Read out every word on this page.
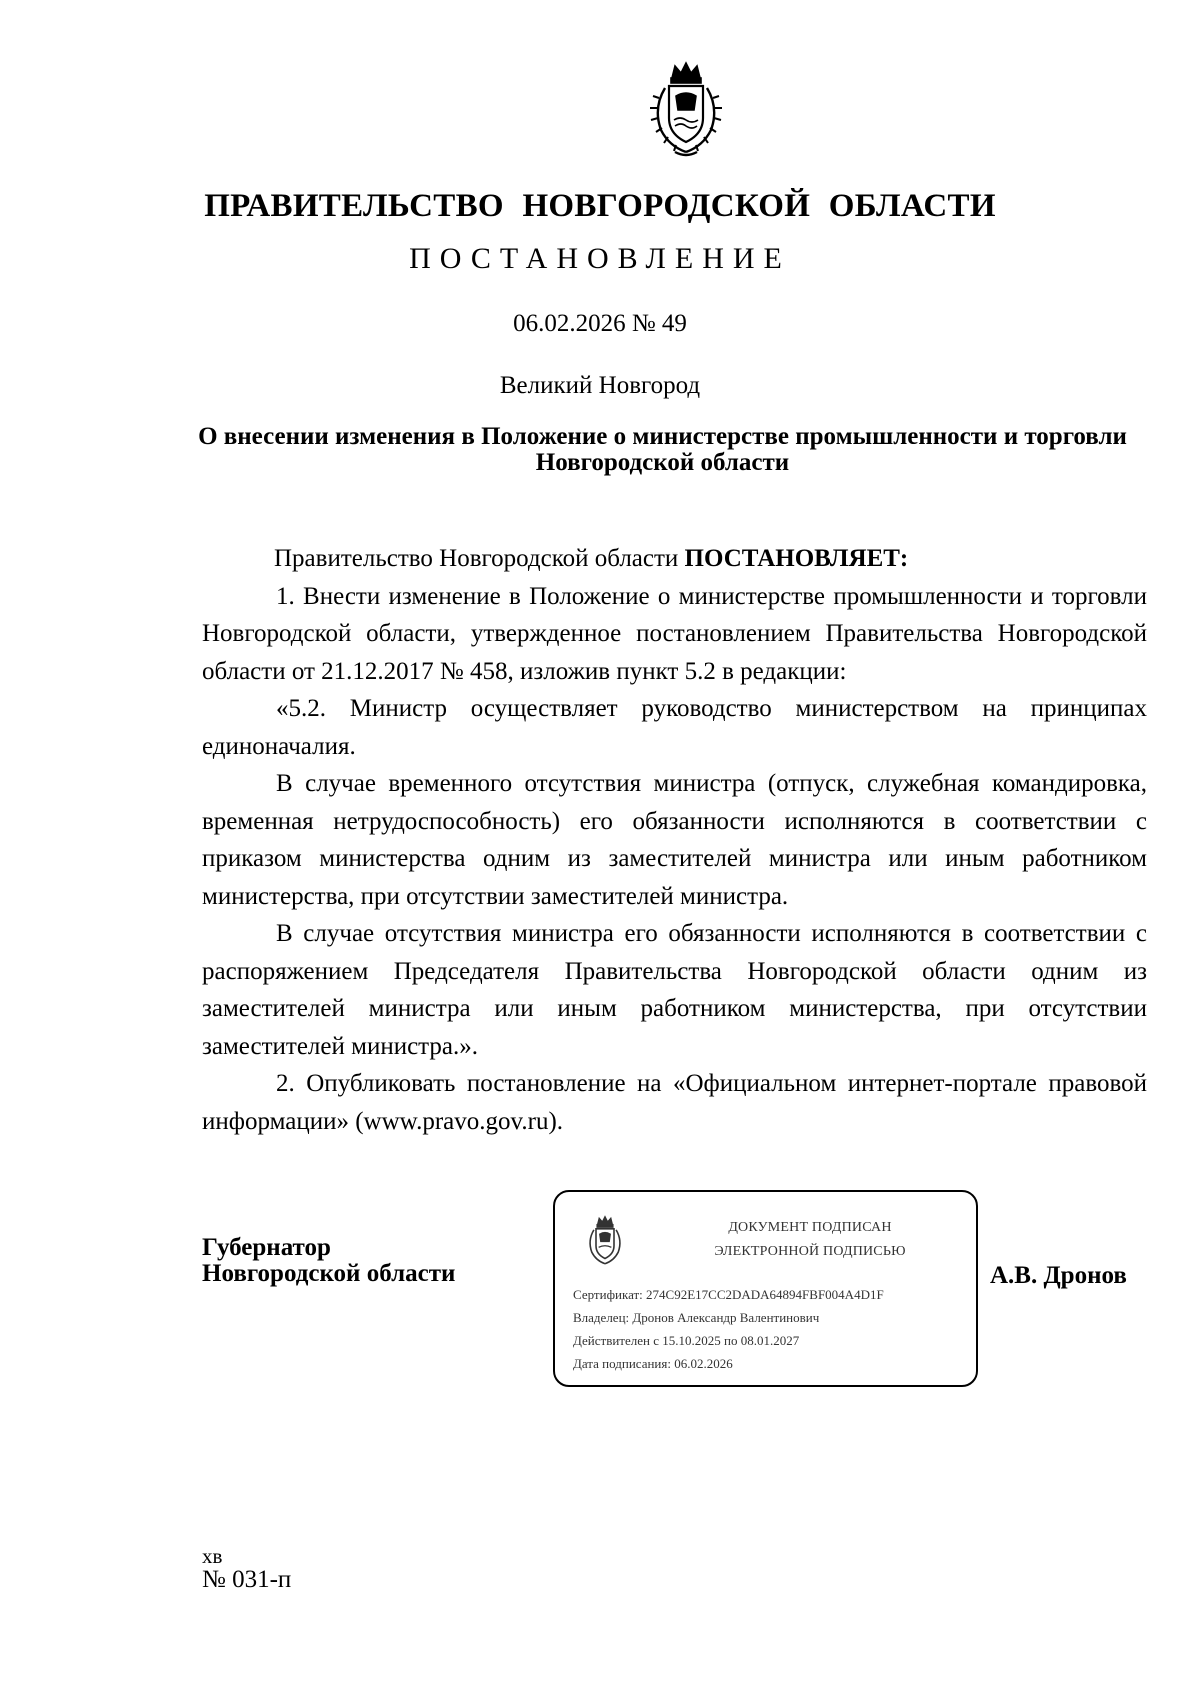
ПРАВИТЕЛЬСТВО НОВГОРОДСКОЙ ОБЛАСТИ
ПОСТАНОВЛЕНИЕ
06.02.2026 № 49
Великий Новгород
О внесении изменения в Положение о министерстве промышленности и торговли Новгородской области

Правительство Новгородской области ПОСТАНОВЛЯЕТ:

1. Внести изменение в Положение о министерстве промышленности и торговли Новгородской области, утвержденное постановлением Правительства Новгородской области от 21.12.2017 № 458, изложив пункт 5.2 в редакции:

«5.2. Министр осуществляет руководство министерством на принципах единоначалия.

В случае временного отсутствия министра (отпуск, служебная командировка, временная нетрудоспособность) его обязанности исполняются в соответствии с приказом министерства одним из заместителей министра или иным работником министерства, при отсутствии заместителей министра.

В случае отсутствия министра его обязанности исполняются в соответствии с распоряжением Председателя Правительства Новгородской области одним из заместителей министра или иным работником министерства, при отсутствии заместителей министра.».

2. Опубликовать постановление на «Официальном интернет-портале правовой информации» (www.pravo.gov.ru).

Губернатор
Новгородской области
ДОКУМЕНТ ПОДПИСАН
ЭЛЕКТРОННОЙ ПОДПИСЬЮ
Сертификат: 274C92E17CC2DADA64894FBF004A4D1F
Владелец: Дронов Александр Валентинович
Действителен с 15.10.2025 по 08.01.2027
Дата подписания: 06.02.2026
А.В. Дронов
хв
№ 031-п
